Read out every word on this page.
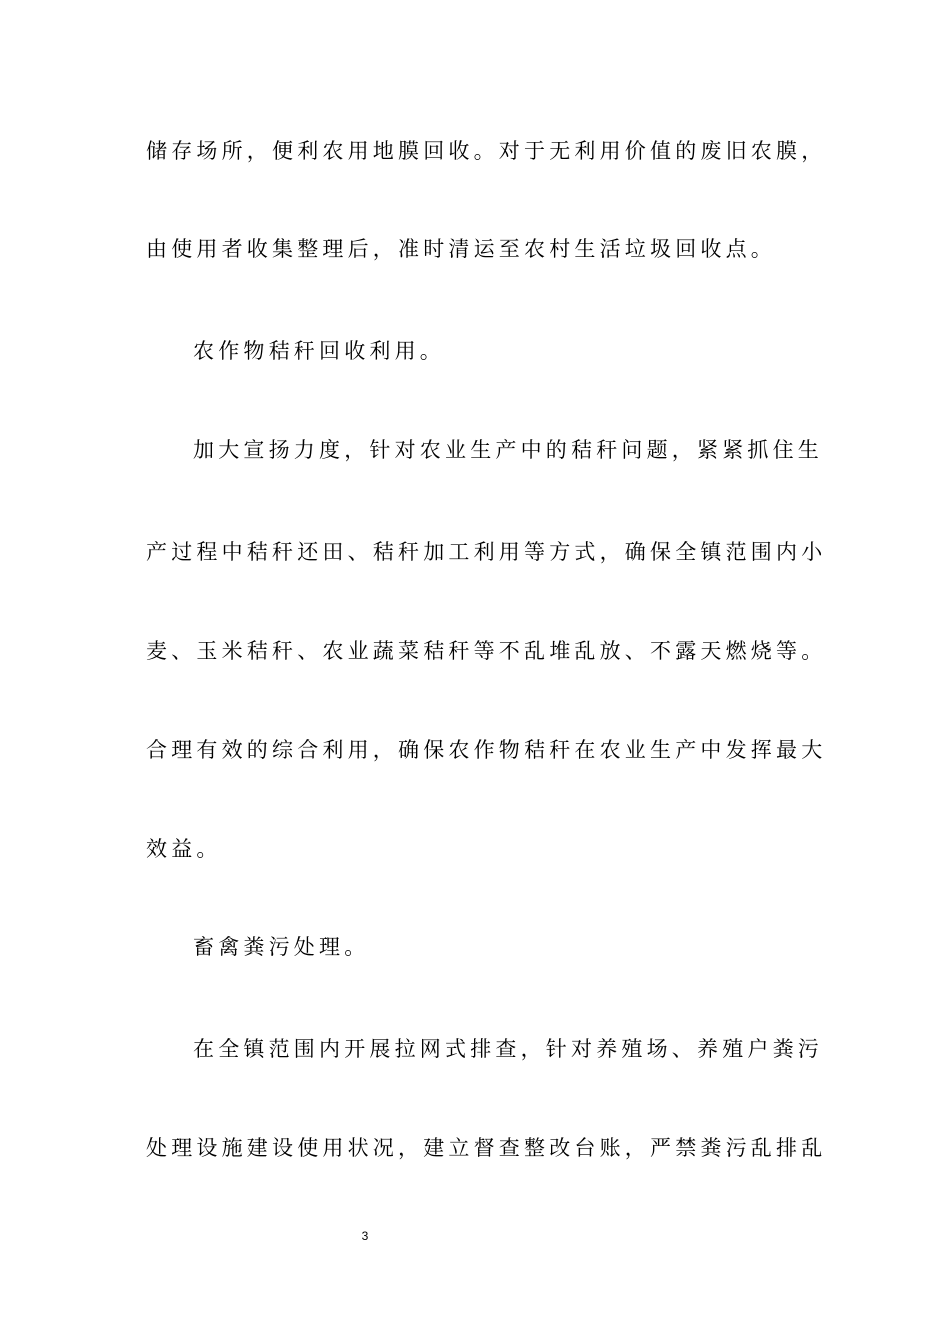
储存场所，便利农用地膜回收。对于无利用价值的废旧农膜，

由使用者收集整理后，准时清运至农村生活垃圾回收点。

农作物秸秆回收利用。

加大宣扬力度，针对农业生产中的秸秆问题，紧紧抓住生

产过程中秸秆还田、秸秆加工利用等方式，确保全镇范围内小

麦、玉米秸秆、农业蔬菜秸秆等不乱堆乱放、不露天燃烧等。

合理有效的综合利用，确保农作物秸秆在农业生产中发挥最大

效益。

畜禽粪污处理。

在全镇范围内开展拉网式排查，针对养殖场、养殖户粪污

处理设施建设使用状况，建立督查整改台账，严禁粪污乱排乱

3
